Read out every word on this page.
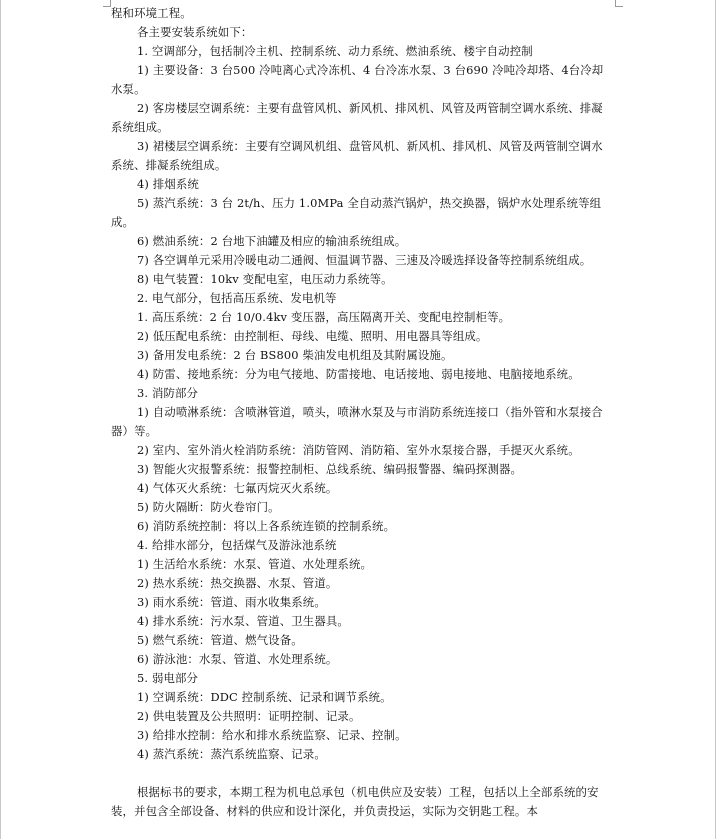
程和环境工程。

各主要安装系统如下：

1. 空调部分，包括制冷主机、控制系统、动力系统、燃油系统、楼宇自动控制

1) 主要设备：3 台500 冷吨离心式冷冻机、4 台冷冻水泵、3 台690 冷吨冷却塔、4台冷却水泵。

2) 客房楼层空调系统：主要有盘管风机、新风机、排风机、风管及两管制空调水系统、排凝系统组成。

3) 裙楼层空调系统：主要有空调风机组、盘管风机、新风机、排风机、风管及两管制空调水系统、排凝系统组成。

4) 排烟系统

5) 蒸汽系统：3 台 2t/h、压力 1.0MPa 全自动蒸汽锅炉，热交换器，锅炉水处理系统等组成。

6) 燃油系统：2 台地下油罐及相应的输油系统组成。

7) 各空调单元采用冷暖电动二通阀、恒温调节器、三速及冷暖选择设备等控制系统组成。

8) 电气装置：10kv 变配电室，电压动力系统等。

2. 电气部分，包括高压系统、发电机等

1. 高压系统：2 台 10/0.4kv 变压器，高压隔离开关、变配电控制柜等。

2) 低压配电系统：由控制柜、母线、电缆、照明、用电器具等组成。

3) 备用发电系统：2 台 BS800 柴油发电机组及其附属设施。

4) 防雷、接地系统：分为电气接地、防雷接地、电话接地、弱电接地、电脑接地系统。

3. 消防部分

1) 自动喷淋系统：含喷淋管道，喷头，喷淋水泵及与市消防系统连接口（指外管和水泵接合器）等。

2) 室内、室外消火栓消防系统：消防管网、消防箱、室外水泵接合器，手提灭火系统。

3) 智能火灾报警系统：报警控制柜、总线系统、编码报警器、编码探测器。

4) 气体灭火系统：七氟丙烷灭火系统。

5) 防火隔断：防火卷帘门。

6) 消防系统控制：将以上各系统连锁的控制系统。

4. 给排水部分，包括煤气及游泳池系统

1) 生活给水系统：水泵、管道、水处理系统。

2) 热水系统：热交换器、水泵、管道。

3) 雨水系统：管道、雨水收集系统。

4) 排水系统：污水泵、管道、卫生器具。

5) 燃气系统：管道、燃气设备。

6) 游泳池：水泵、管道、水处理系统。

5. 弱电部分

1) 空调系统：DDC 控制系统、记录和调节系统。

2) 供电装置及公共照明：证明控制、记录。

3) 给排水控制：给水和排水系统监察、记录、控制。

4) 蒸汽系统：蒸汽系统监察、记录。

根据标书的要求，本期工程为机电总承包（机电供应及安装）工程，包括以上全部系统的安装，并包含全部设备、材料的供应和设计深化，并负责投运，实际为交钥匙工程。本
